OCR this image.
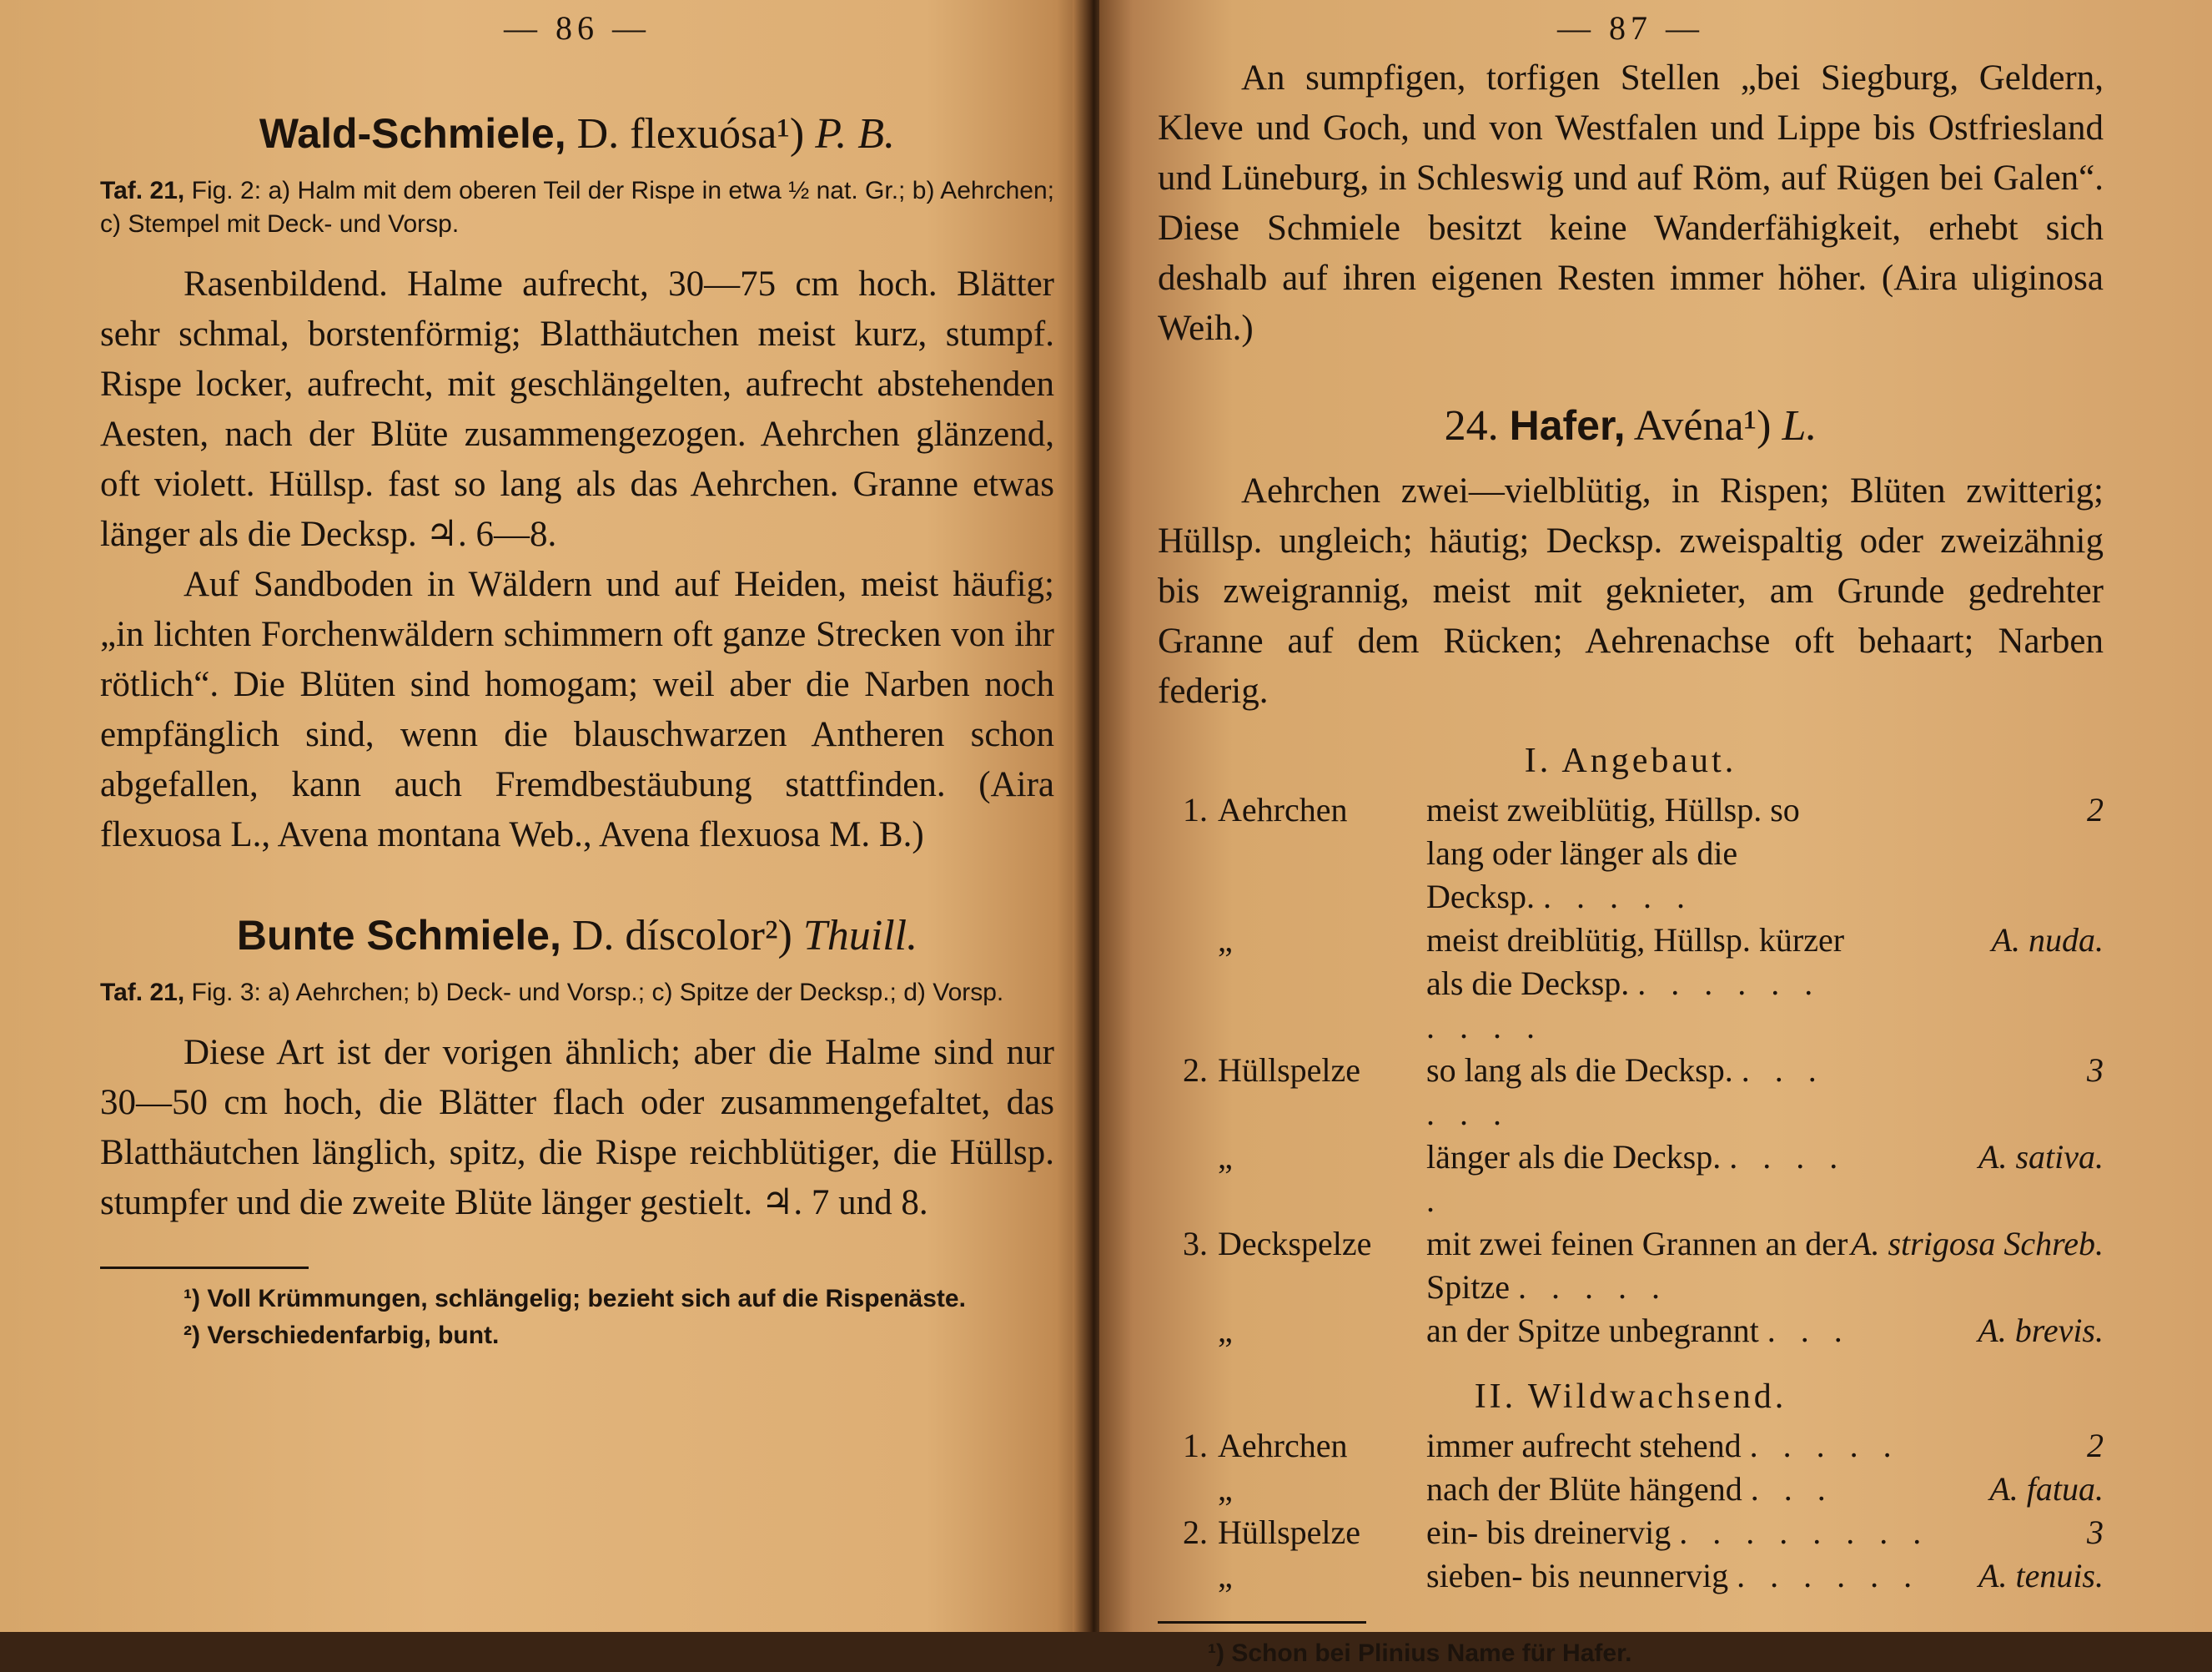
— 86 —
Wald-Schmiele, D. flexuósa¹) P. B.

Taf. 21, Fig. 2: a) Halm mit dem oberen Teil der Rispe in etwa ½ nat. Gr.; b) Aehrchen; c) Stempel mit Deck- und Vorsp.

Rasenbildend. Halme aufrecht, 30—75 cm hoch. Blätter sehr schmal, borstenförmig; Blatthäutchen meist kurz, stumpf. Rispe locker, aufrecht, mit geschlängelten, aufrecht abstehenden Aesten, nach der Blüte zusammengezogen. Aehrchen glänzend, oft violett. Hüllsp. fast so lang als das Aehrchen. Granne etwas länger als die Decksp. ♃. 6—8.

Auf Sandboden in Wäldern und auf Heiden, meist häufig; „in lichten Forchenwäldern schimmern oft ganze Strecken von ihr rötlich“. Die Blüten sind homogam; weil aber die Narben noch empfänglich sind, wenn die blauschwarzen Antheren schon abgefallen, kann auch Fremdbestäubung stattfinden. (Aira flexuosa L., Avena montana Web., Avena flexuosa M. B.)

Bunte Schmiele, D. díscolor²) Thuill.

Taf. 21, Fig. 3: a) Aehrchen; b) Deck- und Vorsp.; c) Spitze der Decksp.; d) Vorsp.

Diese Art ist der vorigen ähnlich; aber die Halme sind nur 30—50 cm hoch, die Blätter flach oder zusammengefaltet, das Blatthäutchen länglich, spitz, die Rispe reichblütiger, die Hüllsp. stumpfer und die zweite Blüte länger gestielt. ♃. 7 und 8.

¹) Voll Krümmungen, schlängelig; bezieht sich auf die Rispenäste.
²) Verschiedenfarbig, bunt.
— 87 —

An sumpfigen, torfigen Stellen „bei Siegburg, Geldern, Kleve und Goch, und von Westfalen und Lippe bis Ostfriesland und Lüneburg, in Schleswig und auf Röm, auf Rügen bei Galen“. Diese Schmiele besitzt keine Wanderfähigkeit, erhebt sich deshalb auf ihren eigenen Resten immer höher. (Aira uliginosa Weih.)

24. Hafer, Avéna¹) L.

Aehrchen zwei—vielblütig, in Rispen; Blüten zwitterig; Hüllsp. ungleich; häutig; Decksp. zweispaltig oder zweizähnig bis zweigrannig, meist mit geknieter, am Grunde gedrehter Granne auf dem Rücken; Aehrenachse oft behaart; Narben federig.

I. Angebaut.
1.	Aehrchen	meist zweiblütig, Hüllsp. so lang oder länger als die Decksp. . . . . .	2
	„	meist dreiblütig, Hüllsp. kürzer als die Decksp. . . . . . . . . . .	A. nuda.
2.	Hüllspelze	so lang als die Decksp. . . . . . .	3
	„	länger als die Decksp. . . . . .	A. sativa.
3.	Deckspelze	mit zwei feinen Grannen an der Spitze . . . . .	A. strigosa Schreb.
	„	an der Spitze unbegrannt . . .	A. brevis.
II. Wildwachsend.
1.	Aehrchen	immer aufrecht stehend . . . . .	2
	„	nach der Blüte hängend . . .	A. fatua.
2.	Hüllspelze	ein- bis dreinervig . . . . . . . .	3
	„	sieben- bis neunnervig . . . . . .	A. tenuis.
¹) Schon bei Plinius Name für Hafer.
